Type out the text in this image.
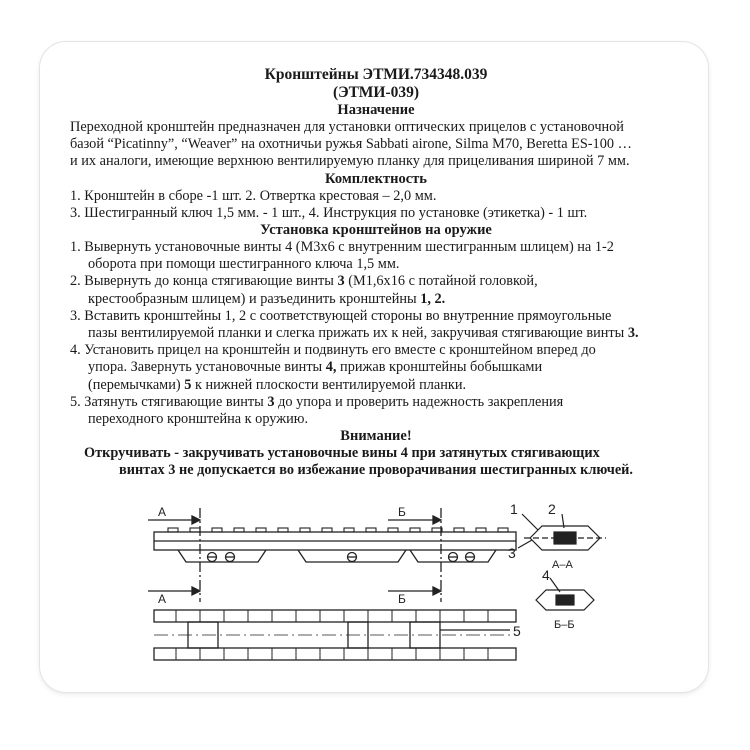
Кронштейны ЭТМИ.734348.039
(ЭТМИ-039)
Назначение

Переходной кронштейн предназначен для установки оптических прицелов с установочной

базой “Picatinny”, “Weaver” на охотничьи ружья Sabbati airone, Silma M70, Beretta ES-100 …

и их аналоги, имеющие верхнюю вентилируемую планку для прицеливания шириной 7 мм.

Комплектность

1. Кронштейн в сборе -1 шт. 2. Отвертка крестовая – 2,0 мм.

3. Шестигранный ключ 1,5 мм. - 1 шт., 4. Инструкция по установке (этикетка) - 1 шт.

Установка кронштейнов на оружие

1. Вывернуть установочные винты 4 (М3х6 с внутренним шестигранным шлицем) на 1-2

оборота при помощи шестигранного ключа 1,5 мм.

2. Вывернуть до конца стягивающие винты 3 (М1,6х16 с потайной головкой,

крестообразным шлицем) и разъединить кронштейны 1, 2.

3. Вставить кронштейны 1, 2 с соответствующей стороны во внутренние прямоугольные

пазы вентилируемой планки и слегка прижать их к ней, закручивая стягивающие винты 3.

4. Установить прицел на кронштейн и подвинуть его вместе с кронштейном вперед до

упора. Завернуть установочные винты 4, прижав кронштейны бобышками

(перемычками) 5 к нижней плоскости вентилируемой планки.

5. Затянуть стягивающие винты 3 до упора и проверить надежность закрепления

переходного кронштейна к оружию.

Внимание!
Откручивать - закручивать установочные вины 4 при затянутых стягивающих
винтах 3 не допускается во избежание проворачивания шестигранных ключей.
А
А
Б
Б
5
1 2
3
4
А–А
Б–Б
